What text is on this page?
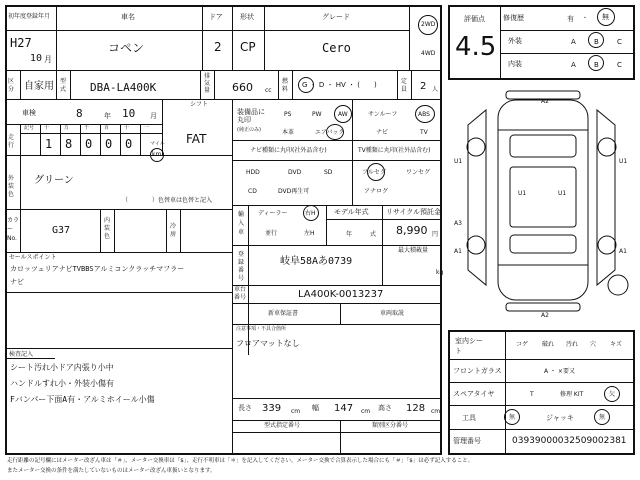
初年度登録年月
H27
10 月
車名
コペン
ドア
2
形状
CP
グレード
Cero
2WD
4WD
区分 自家用 型式 DBA-LA400K
排気量 660 cc
燃料
G ・ D ・ HV ・ (　　)	定員 2 人
車検	8	年 10 月
シフト
FAT
走行
記号 十	万	千	百	十	一
1 8 0 0 0	マイル
km
外装色
グリーン
（　　　　）色替車は色替と記入
カラーNo.
G37
内装色
冷房
セールスポイント
カロッツェリアナビTVBBSアルミコンクラッチマフラー
ナビ
検査記入
シート汚れ小ドア内張り小中
ハンドルすれ小・外装小傷有
Fバンパー下面A有・アルミホイール小傷
装備品に丸印
(純正のみ)
PS	PW	AW	サンルーフ	ABS
本革	エアバック	ナビ	TV
ナビ種類に丸印(社外品含む)
HDD	DVD	SD
CD	DVD再生可
TV種類に丸印(社外品含む)
フルセグ	ワンセグ
アナログ
輸入車
ディーラー	右H
並行	左H
モデル年式
年	式
リサイクル預託金
8,990 円
登録番号
岐阜58Aあ0739
最大積載量
kg
車台番号	LA400K-0013237
新車保証書	車両取説
注意事項・不具合箇所
フロアマットなし
長さ 339 cm 幅 147 cm 高さ 128 cm
型式指定番号	類別区分番号
評価点
4.5
修復歴	有 ・ 無
外装	A	B	C
内装	A	B	C
A2
U1	U1
U1	U1
A3
A1	A1
A2
室内シート
コゲ 破れ 汚れ 穴 キズ
フロントガラス	A ・ ×要又
スペアタイヤ	T	修理 KIT	欠
工具	無	ジャッキ	無
管理番号	03939000032509002381
走行距離の記号欄にはメーター改ざん車は「＃」、メーター交換車は「$」、走行不明車は「＊」を記入してください。メーター交換で合算表示した場合にも「＃」「$」は必ず記入すること。
またメーター交換の条件を満たしていないものはメーター改ざん車扱いとなります。
